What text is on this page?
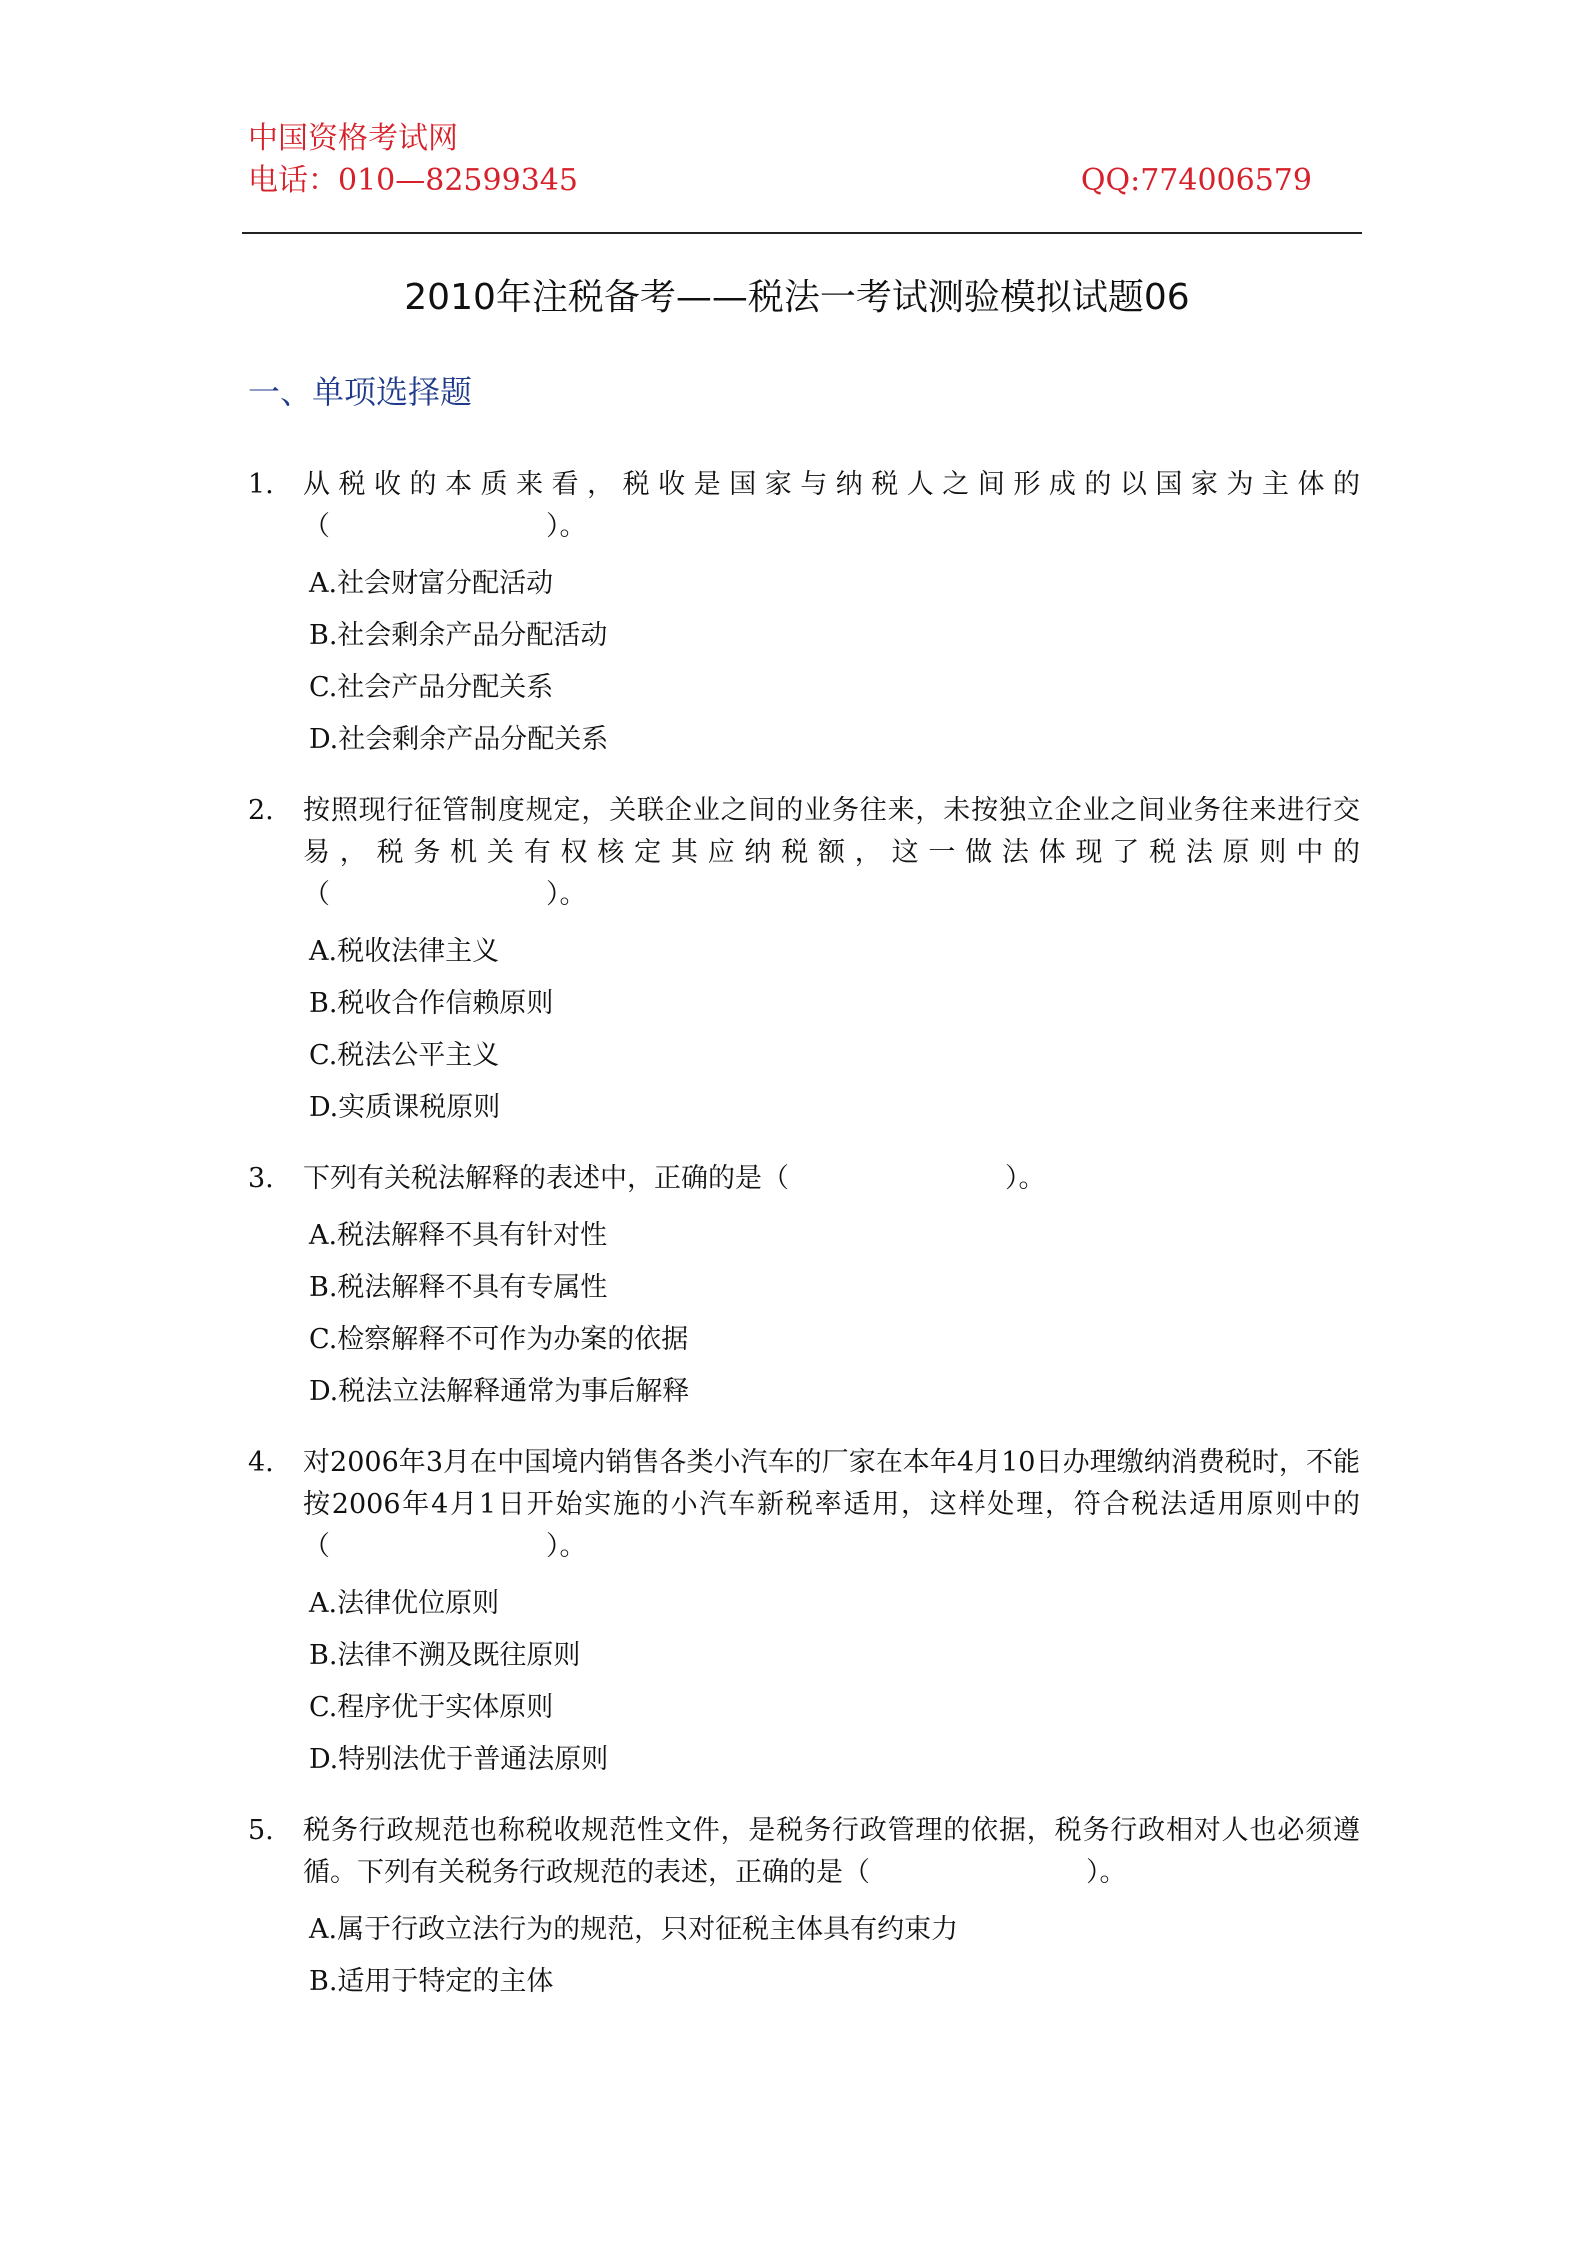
中国资格考试网
电话：010—82599345	QQ:774006579
2010年注税备考——税法一考试测验模拟试题06
一、单项选择题
1. 从税收的本质来看，税收是国家与纳税人之间形成的以国家为主体的（　　　　　　　　）。
A.社会财富分配活动
B.社会剩余产品分配活动
C.社会产品分配关系
D.社会剩余产品分配关系
2. 按照现行征管制度规定，关联企业之间的业务往来，未按独立企业之间业务往来进行交易，税务机关有权核定其应纳税额，这一做法体现了税法原则中的（　　　　　　　　）。
A.税收法律主义
B.税收合作信赖原则
C.税法公平主义
D.实质课税原则
3. 下列有关税法解释的表述中，正确的是（　　　　　　　　）。
A.税法解释不具有针对性
B.税法解释不具有专属性
C.检察解释不可作为办案的依据
D.税法立法解释通常为事后解释
4. 对2006年3月在中国境内销售各类小汽车的厂家在本年4月10日办理缴纳消费税时，不能按2006年4月1日开始实施的小汽车新税率适用，这样处理，符合税法适用原则中的（　　　　　　　　）。
A.法律优位原则
B.法律不溯及既往原则
C.程序优于实体原则
D.特别法优于普通法原则
5. 税务行政规范也称税收规范性文件，是税务行政管理的依据，税务行政相对人也必须遵循。下列有关税务行政规范的表述，正确的是（　　　　　　　　）。
A.属于行政立法行为的规范，只对征税主体具有约束力
B.适用于特定的主体
